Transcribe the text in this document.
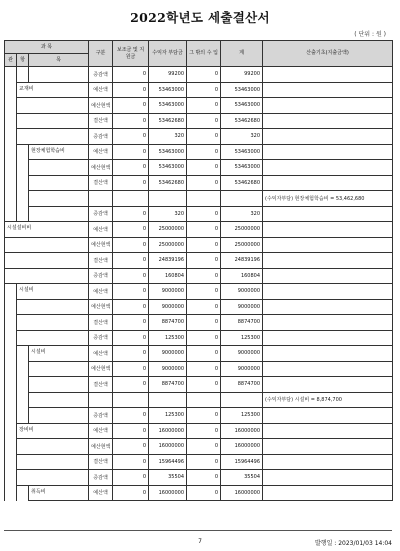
2022학년도 세출결산서
( 단위 : 원 )
과 목			구분	보조금 및 지원금	수익자 부담금	그 밖의 수 입	계	산출기초(지출금액)
관	항	목						
			증감액	0	99200	0	99200	
	교재비		예산액	0	53463000	0	53463000	
			예산현액	0	53463000	0	53463000	
			결산액	0	53462680	0	53462680	
			증감액	0	320	0	320	
		현장체험학습비	예산액	0	53463000	0	53463000	
			예산현액	0	53463000	0	53463000	
			결산액	0	53462680	0	53462680	
								(수익자부담) 현장체험학습비 = 53,462,680
			증감액	0	320	0	320	
시설설비비			예산액	0	25000000	0	25000000	
			예산현액	0	25000000	0	25000000	
			결산액	0	24839196	0	24839196	
			증감액	0	160804	0	160804	
	시설비		예산액	0	9000000	0	9000000	
			예산현액	0	9000000	0	9000000	
			결산액	0	8874700	0	8874700	
			증감액	0	125300	0	125300	
		시설비	예산액	0	9000000	0	9000000	
			예산현액	0	9000000	0	9000000	
			결산액	0	8874700	0	8874700	
								(수익자부담) 시설비 = 8,874,700
			증감액	0	125300	0	125300	
	장비비		예산액	0	16000000	0	16000000	
			예산현액	0	16000000	0	16000000	
			결산액	0	15964496	0	15964496	
			증감액	0	35504	0	35504	
		취득비	예산액	0	16000000	0	16000000	
7	발행일 : 2023/01/03 14:04
